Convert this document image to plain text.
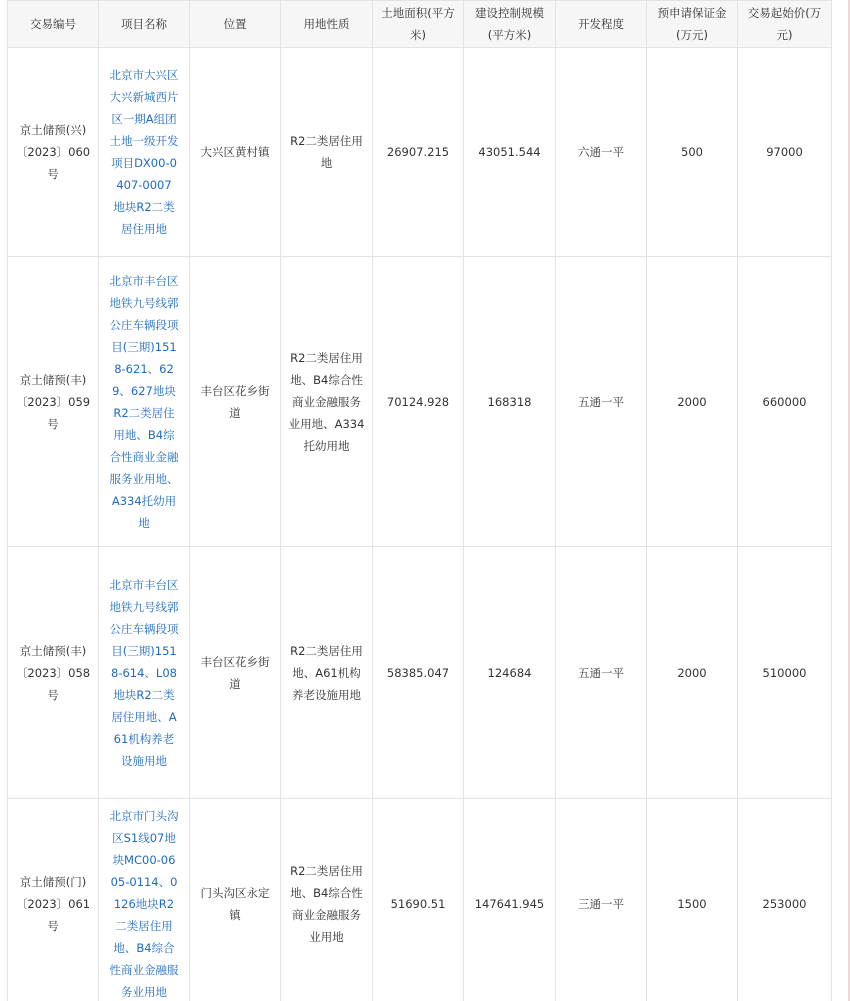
交易编号	项目名称	位置	用地性质	土地面积(平方米)	建设控制规模(平方米)	开发程度	预申请保证金(万元)	交易起始价(万元)
京土储预(兴)〔2023〕060号	北京市大兴区大兴新城西片区一期A组团土地一级开发项目DX00-0407-0007 地块R2二类居住用地	大兴区黄村镇	R2二类居住用地	26907.215	43051.544	六通一平	500	97000
京土储预(丰)〔2023〕059号	北京市丰台区地铁九号线郭公庄车辆段项目(三期)1518-621、629、627地块R2二类居住用地、B4综合性商业金融服务业用地、A334托幼用地	丰台区花乡街道	R2二类居住用地、B4综合性商业金融服务业用地、A334托幼用地	70124.928	168318	五通一平	2000	660000
京土储预(丰)〔2023〕058号	北京市丰台区地铁九号线郭公庄车辆段项目(三期)1518-614、L08地块R2二类居住用地、A61机构养老设施用地	丰台区花乡街道	R2二类居住用地、A61机构养老设施用地	58385.047	124684	五通一平	2000	510000
京土储预(门)〔2023〕061号	北京市门头沟区S1线07地块MC00-0605-0114、0126地块R2二类居住用地、B4综合性商业金融服务业用地	门头沟区永定镇	R2二类居住用地、B4综合性商业金融服务业用地	51690.51	147641.945	三通一平	1500	253000
